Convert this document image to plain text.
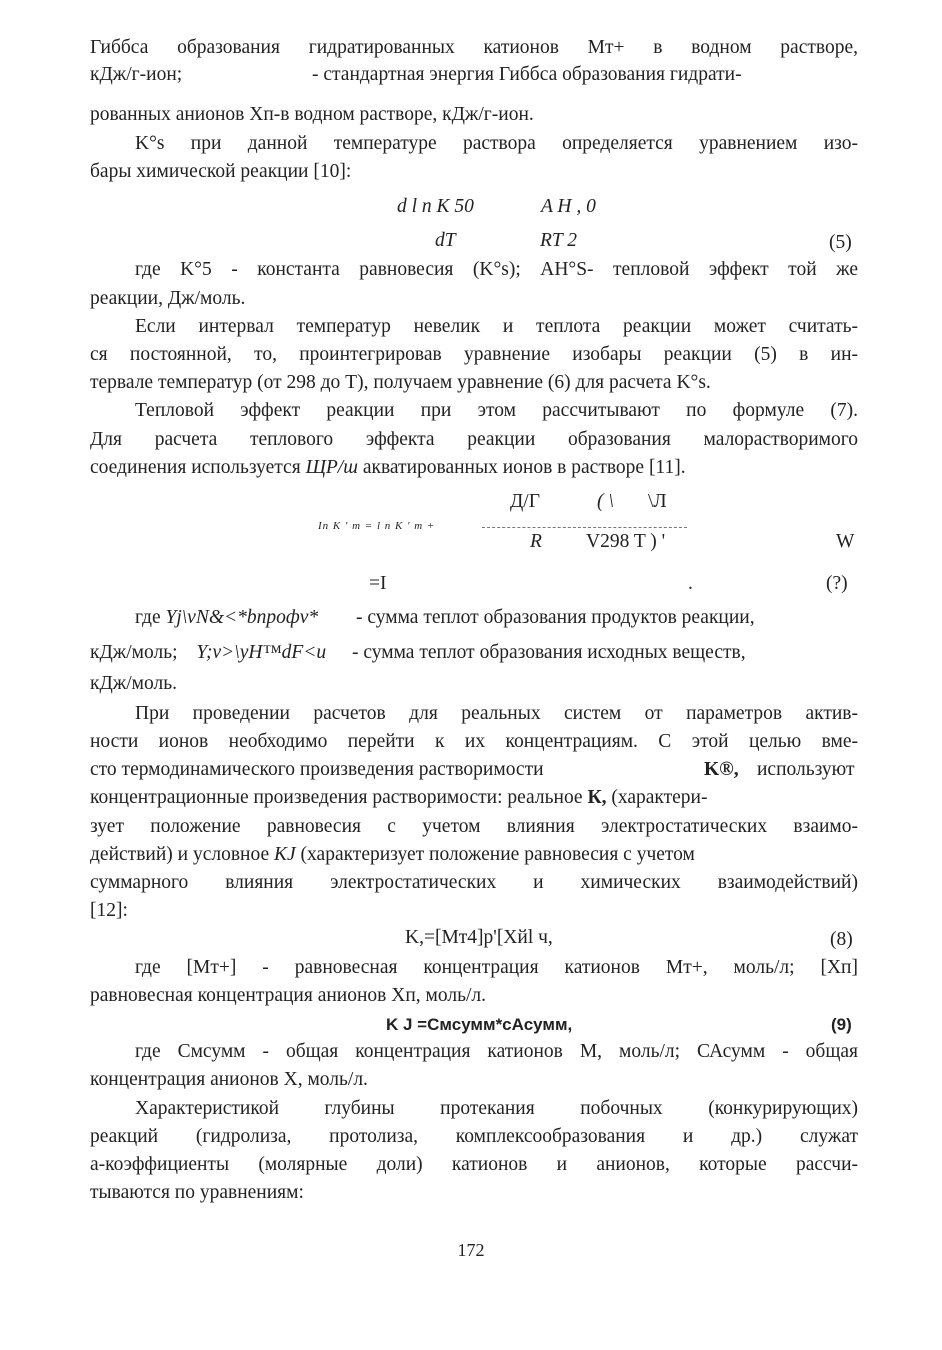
Гиббса образования гидратированных катионов Мт+ в водном растворе,
кДж/г-ион;	- стандартная энергия Гиббса образования гидрати-
рованных анионов Хп-в водном растворе, кДж/г-ион.
K°s при данной температуре раствора определяется уравнением изо-
бары химической реакции [10]:
d l n K 50	A H , 0
dT	RT 2	(5)
где K°5 - константа равновесия (K°s); AH°S- тепловой эффект той же
реакции, Дж/моль.
Если интервал температур невелик и теплота реакции может считать-
ся постоянной, то, проинтегрировав уравнение изобары реакции (5) в ин-
тервале температур (от 298 до Т), получаем уравнение (6) для расчета K°s.
Тепловой эффект реакции при этом рассчитывают по формуле (7).
Для расчета теплового эффекта реакции образования малорастворимого
соединения используется ЩР/ш акватированных ионов в растворе [11].
Д/Г	( \ \Л
In K ' m = l n K ' m +
R V298 T ) '	W
=I	.	(?)
где Yj\vN&<*bnpoфv* - сумма теплот образования продуктов реакции,
кДж/моль; Y;v>\yH™dF<u - сумма теплот образования исходных веществ,
кДж/моль.
При проведении расчетов для реальных систем от параметров актив-
ности ионов необходимо перейти к их концентрациям. С этой целью вме-
сто термодинамического произведения растворимости	K®, используют
концентрационные произведения растворимости: реальное К, (характери-
зует положение равновесия с учетом влияния электростатических взаимо-
действий) и условное KJ (характеризует положение равновесия с учетом
суммарного влияния электростатических и химических взаимодействий)
[12]:
K,=[Mт4]p'[Xйl ч,	(8)
где [Мт+] - равновесная концентрация катионов Мт+, моль/л; [Хп]
равновесная концентрация анионов Хп, моль/л.
K J =Смсумм*сАсумм,	(9)
где Смсумм - общая концентрация катионов М, моль/л; САсумм - общая
концентрация анионов X, моль/л.
Характеристикой глубины протекания побочных (конкурирующих)
реакций (гидролиза, протолиза, комплексообразования и др.) служат
а-коэффициенты (молярные доли) катионов и анионов, которые рассчи-
тываются по уравнениям:
172
